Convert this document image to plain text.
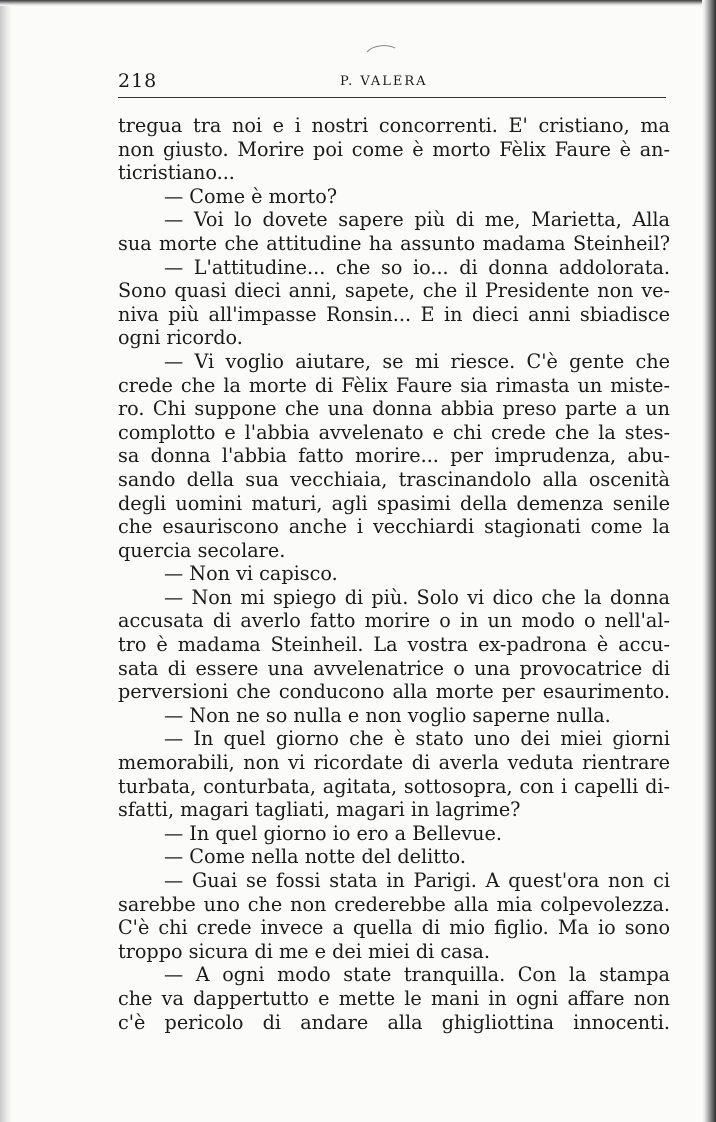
218	P. VALERA
tregua tra noi e i nostri concorrenti. E' cristiano, ma
non giusto. Morire poi come è morto Fèlix Faure è an-
ticristiano...
— Come è morto?
— Voi lo dovete sapere più di me, Marietta, Alla
sua morte che attitudine ha assunto madama Steinheil?
— L'attitudine... che so io... di donna addolorata.
Sono quasi dieci anni, sapete, che il Presidente non ve-
niva più all'impasse Ronsin... E in dieci anni sbiadisce
ogni ricordo.
— Vi voglio aiutare, se mi riesce. C'è gente che
crede che la morte di Fèlix Faure sia rimasta un miste-
ro. Chi suppone che una donna abbia preso parte a un
complotto e l'abbia avvelenato e chi crede che la stes-
sa donna l'abbia fatto morire... per imprudenza, abu-
sando della sua vecchiaia, trascinandolo alla oscenità
degli uomini maturi, agli spasimi della demenza senile
che esauriscono anche i vecchiardi stagionati come la
quercia secolare.
— Non vi capisco.
— Non mi spiego di più. Solo vi dico che la donna
accusata di averlo fatto morire o in un modo o nell'al-
tro è madama Steinheil. La vostra ex-padrona è accu-
sata di essere una avvelenatrice o una provocatrice di
perversioni che conducono alla morte per esaurimento.
— Non ne so nulla e non voglio saperne nulla.
— In quel giorno che è stato uno dei miei giorni
memorabili, non vi ricordate di averla veduta rientrare
turbata, conturbata, agitata, sottosopra, con i capelli di-
sfatti, magari tagliati, magari in lagrime?
— In quel giorno io ero a Bellevue.
— Come nella notte del delitto.
— Guai se fossi stata in Parigi. A quest'ora non ci
sarebbe uno che non crederebbe alla mia colpevolezza.
C'è chi crede invece a quella di mio figlio. Ma io sono
troppo sicura di me e dei miei di casa.
— A ogni modo state tranquilla. Con la stampa
che va dappertutto e mette le mani in ogni affare non
c'è pericolo di andare alla ghigliottina innocenti.
